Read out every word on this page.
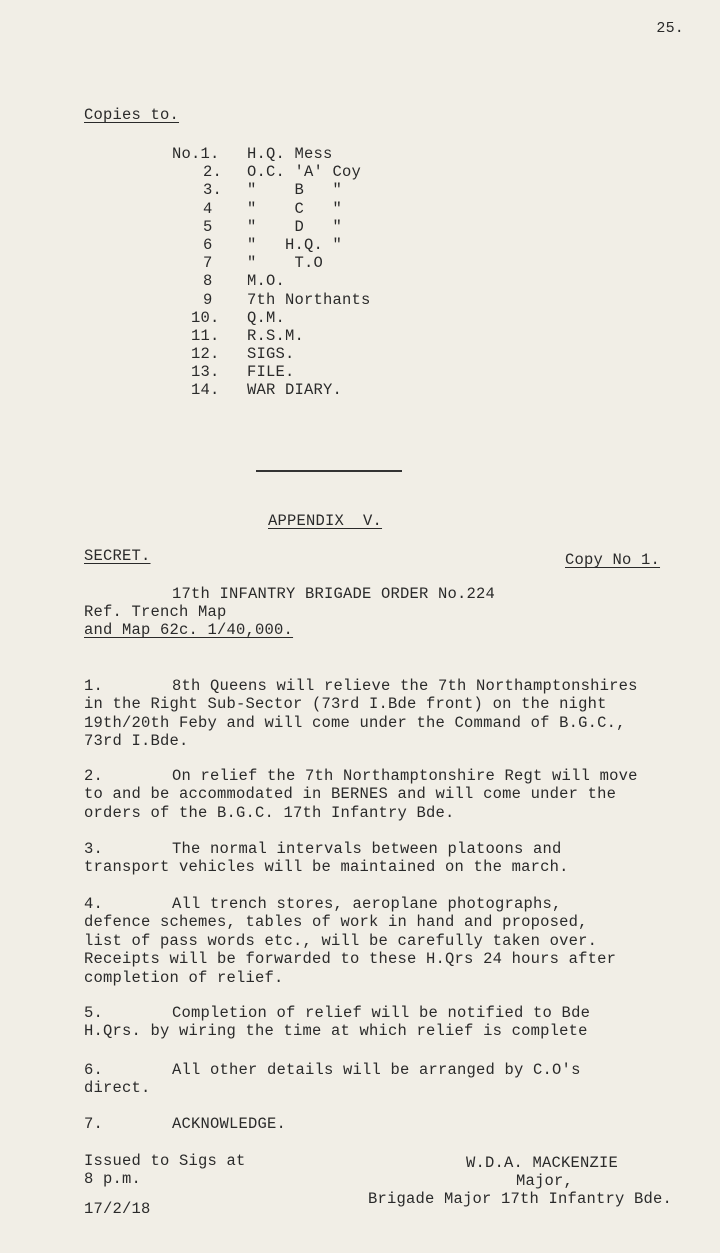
25.
Copies to.
No.1.	H.Q. Mess
2.	O.C. 'A' Coy
3.	"    B   "
4	"    C   "
5	"    D   "
6	"   H.Q. "
7	"    T.O
8	M.O.
9	7th Northants
10.	Q.M.
11.	R.S.M.
12.	SIGS.
13.	FILE.
14.	WAR DIARY.
APPENDIX  V.
SECRET.	Copy No 1.
17th INFANTRY BRIGADE ORDER No.224
Ref. Trench Map
and Map 62c. 1/40,000.
1.	8th Queens will relieve the 7th Northamptonshires
in the Right Sub-Sector (73rd I.Bde front) on the night
19th/20th Feby and will come under the Command of B.G.C.,
73rd I.Bde.
2.	On relief the 7th Northamptonshire Regt will move
to and be accommodated in BERNES and will come under the
orders of the B.G.C. 17th Infantry Bde.
3.	The normal intervals between platoons and
transport vehicles will be maintained on the march.
4.	All trench stores, aeroplane photographs,
defence schemes, tables of work in hand and proposed,
list of pass words etc., will be carefully taken over.
Receipts will be forwarded to these H.Qrs 24 hours after
completion of relief.
5.	Completion of relief will be notified to Bde
H.Qrs. by wiring the time at which relief is complete
6.	All other details will be arranged by C.O's
direct.
7.	ACKNOWLEDGE.
Issued to Sigs at
8 p.m.
17/2/18
W.D.A. MACKENZIE
Major,
Brigade Major 17th Infantry Bde.
